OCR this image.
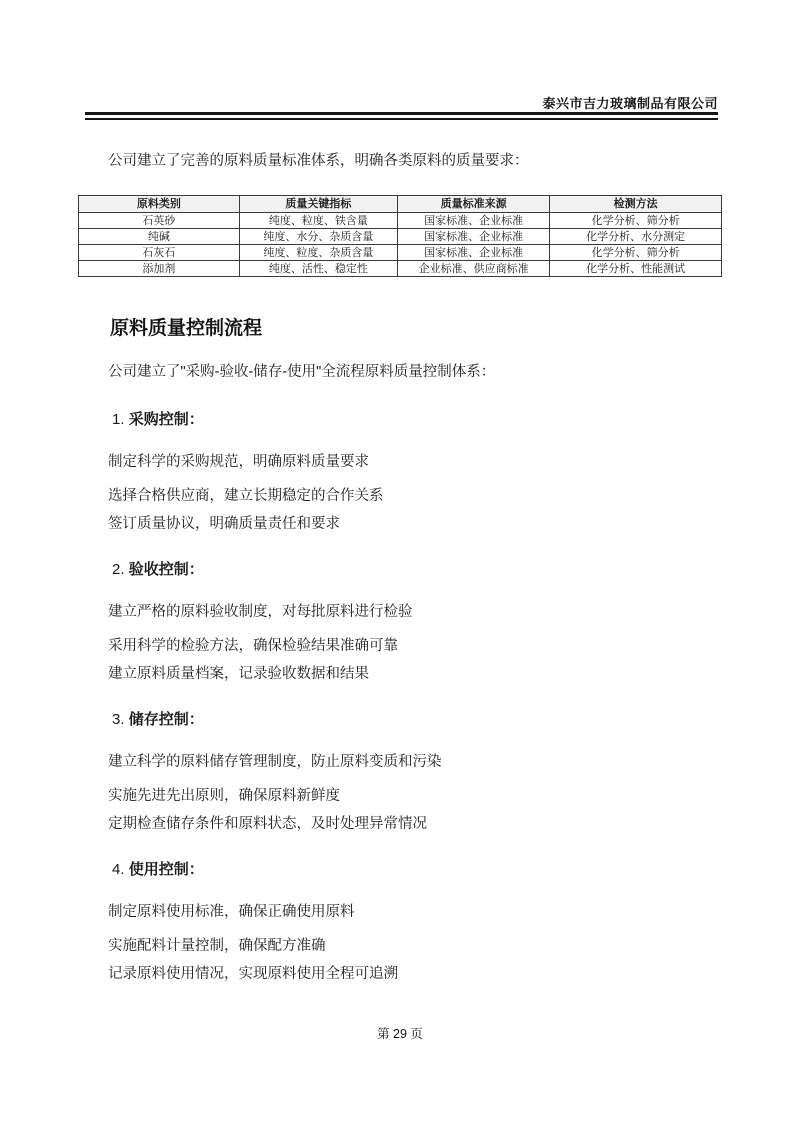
泰兴市吉力玻璃制品有限公司
公司建立了完善的原料质量标准体系，明确各类原料的质量要求：
原料类别	质量关键指标	质量标准来源	检测方法
石英砂	纯度、粒度、铁含量	国家标准、企业标准	化学分析、筛分析
纯碱	纯度、水分、杂质含量	国家标准、企业标准	化学分析、水分测定
石灰石	纯度、粒度、杂质含量	国家标准、企业标准	化学分析、筛分析
添加剂	纯度、活性、稳定性	企业标准、供应商标准	化学分析、性能测试
原料质量控制流程
公司建立了"采购-验收-储存-使用"全流程原料质量控制体系：
1. 采购控制：

制定科学的采购规范，明确原料质量要求

选择合格供应商，建立长期稳定的合作关系

签订质量协议，明确质量责任和要求

2. 验收控制：

建立严格的原料验收制度，对每批原料进行检验

采用科学的检验方法，确保检验结果准确可靠

建立原料质量档案，记录验收数据和结果

3. 储存控制：

建立科学的原料储存管理制度，防止原料变质和污染

实施先进先出原则，确保原料新鲜度

定期检查储存条件和原料状态，及时处理异常情况

4. 使用控制：

制定原料使用标准，确保正确使用原料

实施配料计量控制，确保配方准确

记录原料使用情况，实现原料使用全程可追溯

第 29 页
